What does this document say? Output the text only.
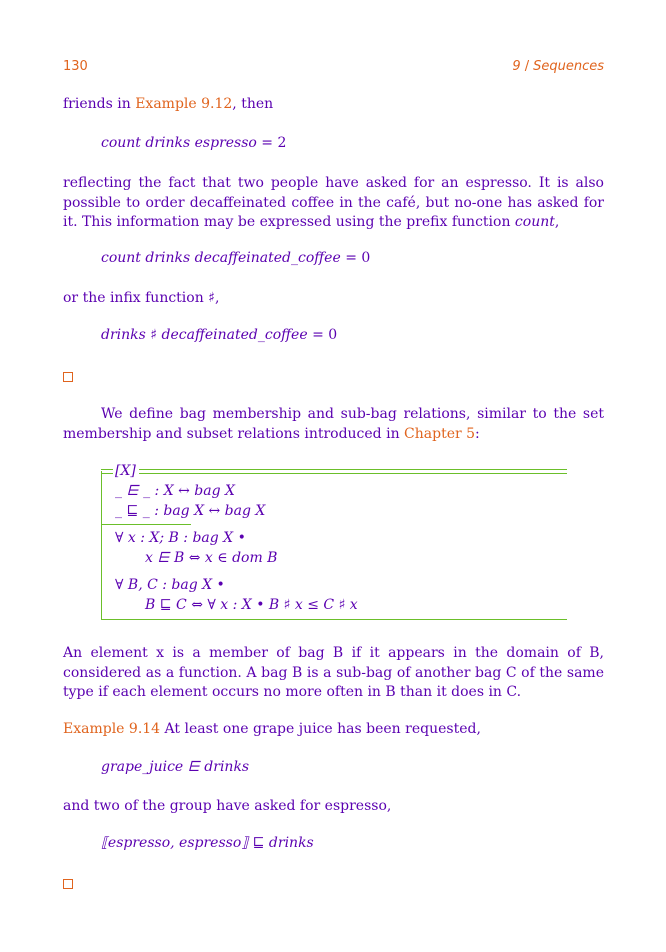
130	9 / Sequences
friends in Example 9.12, then
count drinks espresso = 2
reflecting the fact that two people have asked for an espresso. It is also possible to order decaffeinated coffee in the café, but no-one has asked for it. This information may be expressed using the prefix function count,
count drinks decaffeinated_coffee = 0
or the infix function ♯,
drinks ♯ decaffeinated_coffee = 0
We define bag membership and sub-bag relations, similar to the set membership and subset relations introduced in Chapter 5:
[X]
_ ⋿ _ : X ↔ bag X
_ ⊑ _ : bag X ↔ bag X
∀ x : X; B : bag X •
x ⋿ B ⇔ x ∈ dom B
∀ B, C : bag X •
B ⊑ C ⇔ ∀ x : X • B ♯ x ≤ C ♯ x
An element x is a member of bag B if it appears in the domain of B, considered as a function. A bag B is a sub-bag of another bag C of the same type if each element occurs no more often in B than it does in C.
Example 9.14 At least one grape juice has been requested,
grape_juice ⋿ drinks
and two of the group have asked for espresso,
⟦espresso, espresso⟧ ⊑ drinks
